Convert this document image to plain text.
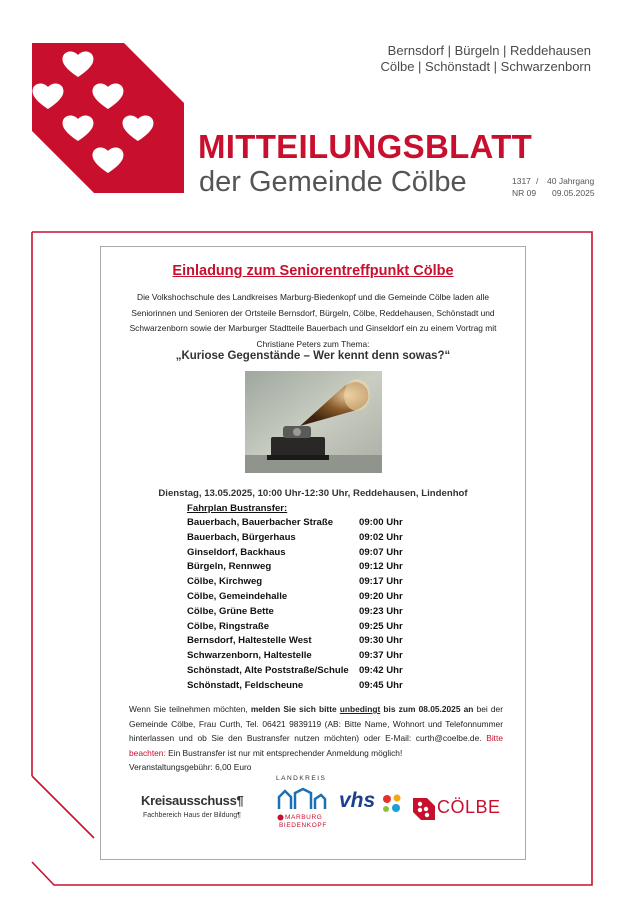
Bernsdorf | Bürgeln | Reddehausen
Cölbe | Schönstadt | Schwarzenborn
MITTEILUNGSBLATT
der Gemeinde Cölbe	1317 / 40 Jahrgang
NR 09 09.05.2025
Einladung zum Seniorentreffpunkt Cölbe
Die Volkshochschule des Landkreises Marburg-Biedenkopf und die Gemeinde Cölbe laden alle Seniorinnen und Senioren der Ortsteile Bernsdorf, Bürgeln, Cölbe, Reddehausen, Schönstadt und Schwarzenborn sowie der Marburger Stadtteile Bauerbach und Ginseldorf ein zu einem Vortrag mit Christiane Peters zum Thema:
„Kuriose Gegenstände – Wer kennt denn sowas?“
Dienstag, 13.05.2025, 10:00 Uhr-12:30 Uhr, Reddehausen, Lindenhof
Fahrplan Bustransfer:
Bauerbach, Bauerbacher Straße	09:00 Uhr
Bauerbach, Bürgerhaus	09:02 Uhr
Ginseldorf, Backhaus	09:07 Uhr
Bürgeln, Rennweg	09:12 Uhr
Cölbe, Kirchweg	09:17 Uhr
Cölbe, Gemeindehalle	09:20 Uhr
Cölbe, Grüne Bette	09:23 Uhr
Cölbe, Ringstraße	09:25 Uhr
Bernsdorf, Haltestelle West	09:30 Uhr
Schwarzenborn, Haltestelle	09:37 Uhr
Schönstadt, Alte Poststraße/Schule 09:42 Uhr
Schönstadt, Feldscheune	09:45 Uhr
Wenn Sie teilnehmen möchten, melden Sie sich bitte unbedingt bis zum 08.05.2025 an bei der Gemeinde Cölbe, Frau Curth, Tel. 06421 9839119 (AB: Bitte Name, Wohnort und Telefonnummer hinterlassen und ob Sie den Bustransfer nutzen möchten) oder E-Mail: curth@coelbe.de. Bitte beachten: Ein Bustransfer ist nur mit entsprechender Anmeldung möglich!
Veranstaltungsgebühr: 6,00 Euro
Kreisausschuss¶
Fachbereich Haus der Bildung¶
LANDKREIS
MARBURG
BIEDENKOPF
vhs	CÖLBE
